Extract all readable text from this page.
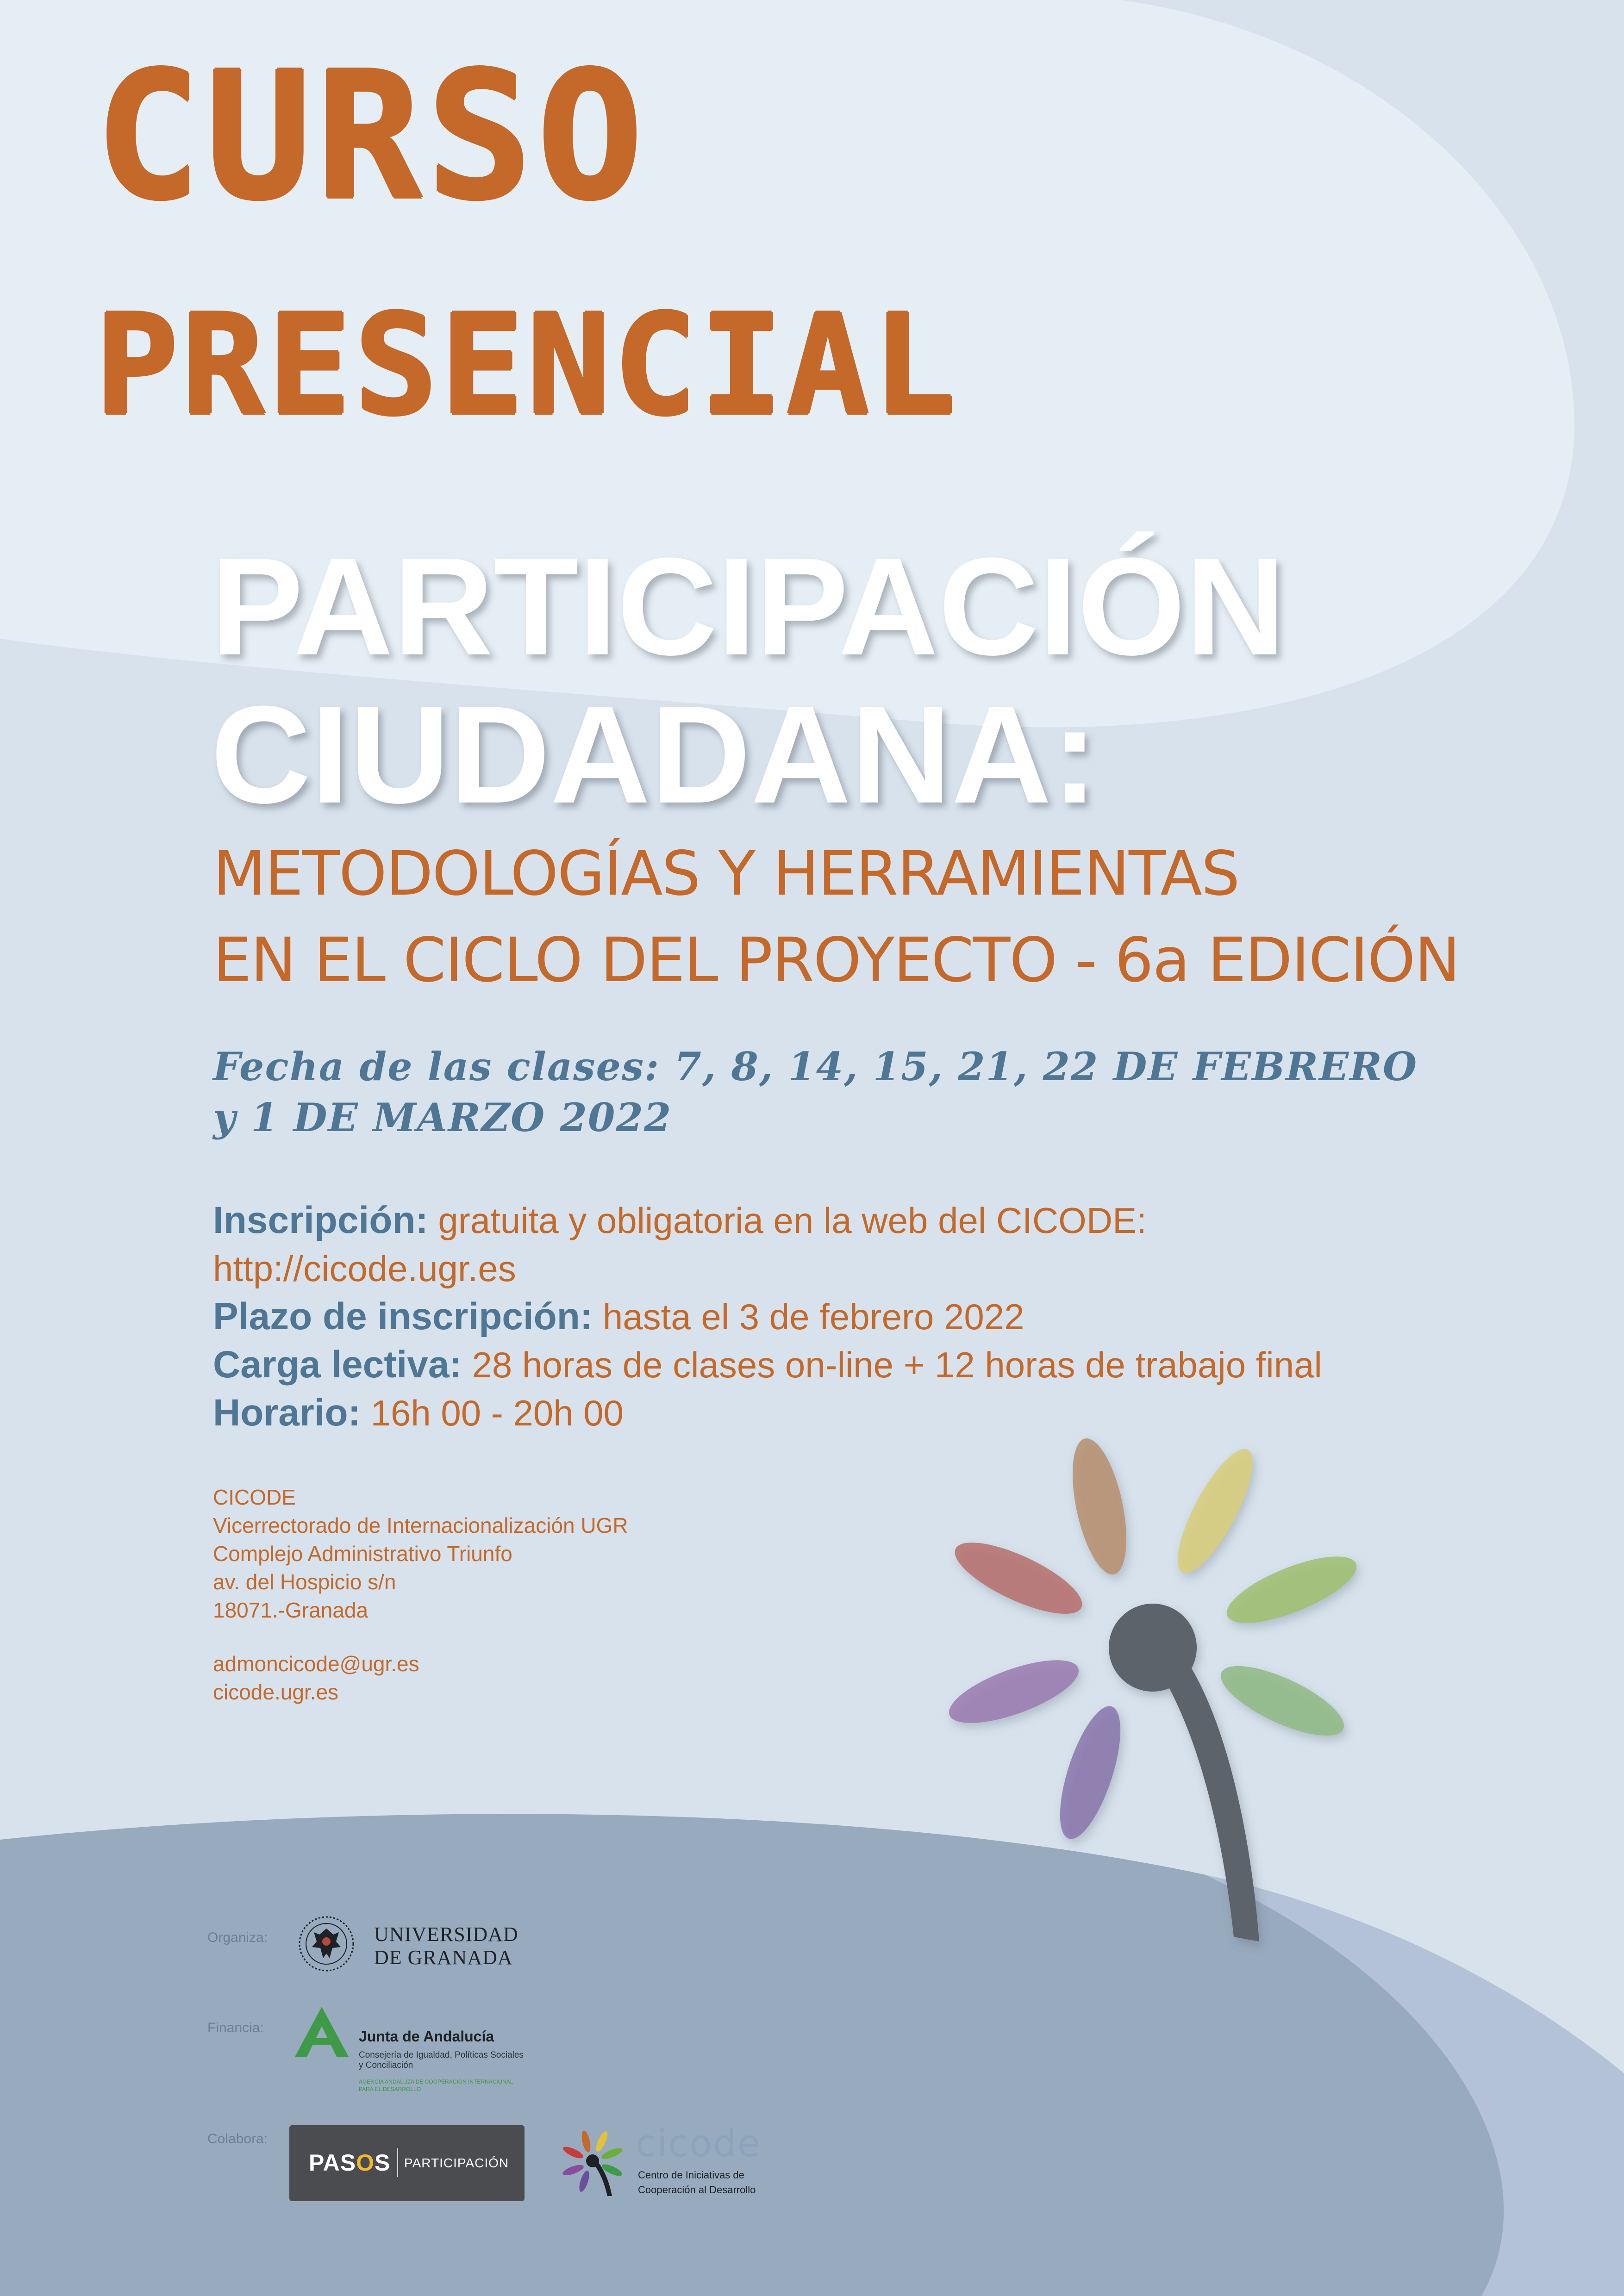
CURSO
PRESENCIAL
PARTICIPACIÓN
CIUDADANA:
METODOLOGÍAS Y HERRAMIENTAS
EN EL CICLO DEL PROYECTO - 6a EDICIÓN
Fecha de las clases: 7, 8, 14, 15, 21, 22 DE FEBRERO
y 1 DE MARZO 2022
Inscripción: gratuita y obligatoria en la web del CICODE:
http://cicode.ugr.es
Plazo de inscripción: hasta el 3 de febrero 2022
Carga lectiva: 28 horas de clases on-line + 12 horas de trabajo final
Horario: 16h 00 - 20h 00
CICODE
Vicerrectorado de Internacionalización UGR
Complejo Administrativo Triunfo
av. del Hospicio s/n
18071.-Granada
admoncicode@ugr.es
cicode.ugr.es
Organiza:
Financia:
Colabora:
UNIVERSIDAD
DE GRANADA
Junta de Andalucía
Consejería de Igualdad, Políticas Sociales
y Conciliación
AGENCIA ANDALUZA DE COOPERACIÓN INTERNACIONAL
PARA EL DESARROLLO
PASOS PARTICIPACIÓN	cicode
Centro de Iniciativas de
Cooperación al Desarrollo
